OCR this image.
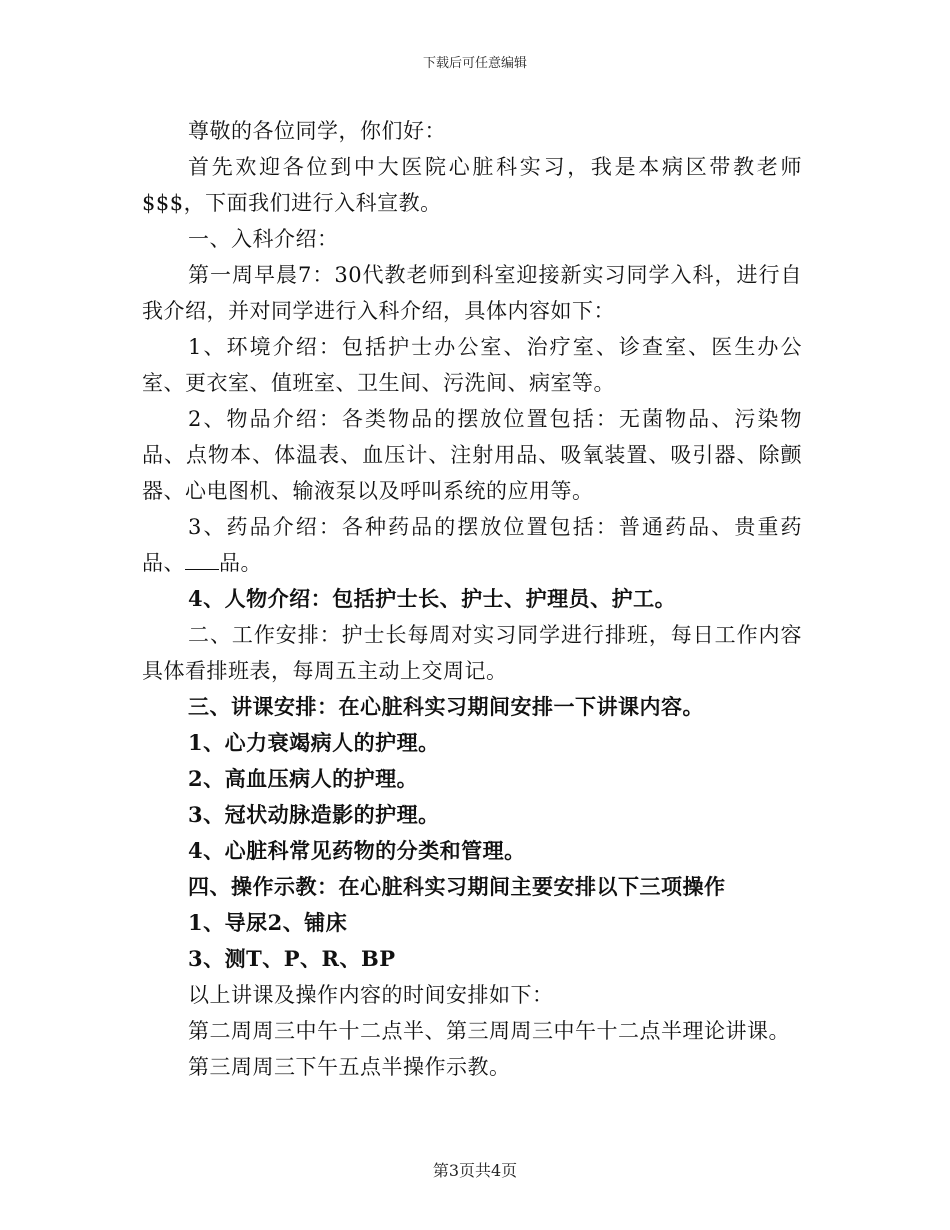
下载后可任意编辑

尊敬的各位同学，你们好：

首先欢迎各位到中大医院心脏科实习，我是本病区带教老师$$$，下面我们进行入科宣教。

一、入科介绍：

第一周早晨7：30代教老师到科室迎接新实习同学入科，进行自我介绍，并对同学进行入科介绍，具体内容如下：

1、环境介绍：包括护士办公室、治疗室、诊查室、医生办公室、更衣室、值班室、卫生间、污洗间、病室等。

2、物品介绍：各类物品的摆放位置包括：无菌物品、污染物品、点物本、体温表、血压计、注射用品、吸氧装置、吸引器、除颤器、心电图机、输液泵以及呼叫系统的应用等。

3、药品介绍：各种药品的摆放位置包括：普通药品、贵重药品、 品。

4、人物介绍：包括护士长、护士、护理员、护工。

二、工作安排：护士长每周对实习同学进行排班，每日工作内容具体看排班表，每周五主动上交周记。

三、讲课安排：在心脏科实习期间安排一下讲课内容。

1、心力衰竭病人的护理。

2、高血压病人的护理。

3、冠状动脉造影的护理。

4、心脏科常见药物的分类和管理。

四、操作示教：在心脏科实习期间主要安排以下三项操作

1、导尿2、铺床

3、测T、P、R、BP

以上讲课及操作内容的时间安排如下：

第二周周三中午十二点半、第三周周三中午十二点半理论讲课。

第三周周三下午五点半操作示教。

第3页共4页
